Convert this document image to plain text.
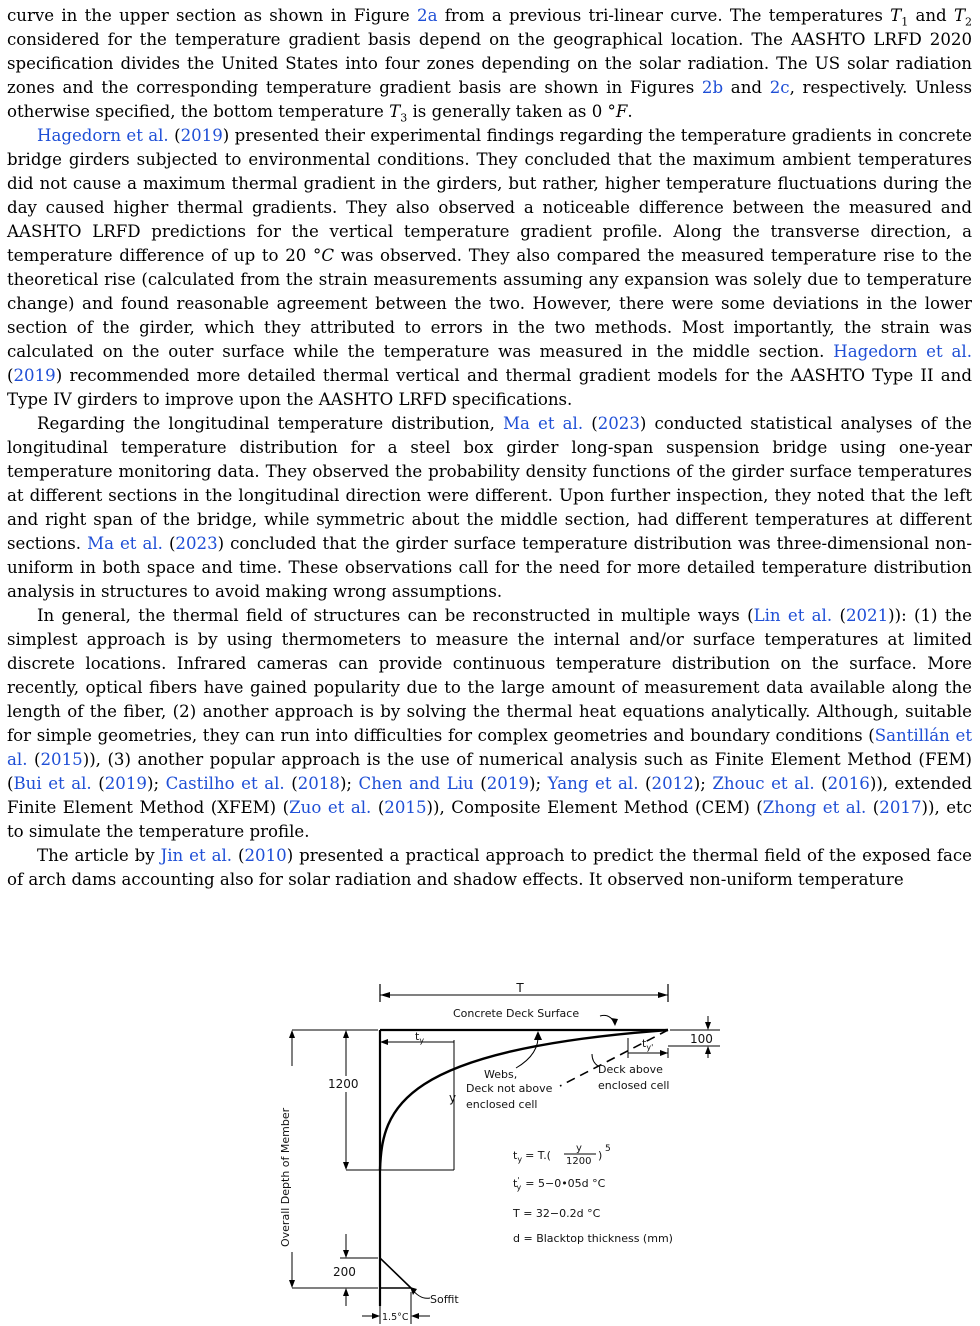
curve in the upper section as shown in Figure 2a from a previous tri-linear curve. The temperatures $T_1$ and $T_2$ considered for the temperature gradient basis depend on the geographical location. The AASHTO LRFD 2020 specification divides the United States into four zones depending on the solar radiation. The US solar radiation zones and the corresponding temperature gradient basis are shown in Figures 2b and 2c, respectively. Unless otherwise specified, the bottom temperature $T_3$ is generally taken as 0 °F.

Hagedorn et al. (2019) presented their experimental findings regarding the temperature gradients in concrete bridge girders subjected to environmental conditions. They concluded that the maximum ambient temperatures did not cause a maximum thermal gradient in the girders, but rather, higher temperature fluctuations during the day caused higher thermal gradients. They also observed a noticeable difference between the measured and AASHTO LRFD predictions for the vertical temperature gradient profile. Along the transverse direction, a temperature difference of up to 20 °C was observed. They also compared the measured temperature rise to the theoretical rise (calculated from the strain measurements assuming any expansion was solely due to temperature change) and found reasonable agreement between the two. However, there were some deviations in the lower section of the girder, which they attributed to errors in the two methods. Most importantly, the strain was calculated on the outer surface while the temperature was measured in the middle section. Hagedorn et al. (2019) recommended more detailed thermal vertical and thermal gradient models for the AASHTO Type II and Type IV girders to improve upon the AASHTO LRFD specifications.

Regarding the longitudinal temperature distribution, Ma et al. (2023) conducted statistical analyses of the longitudinal temperature distribution for a steel box girder long-span suspension bridge using one-year temperature monitoring data. They observed the probability density functions of the girder surface temperatures at different sections in the longitudinal direction were different. Upon further inspection, they noted that the left and right span of the bridge, while symmetric about the middle section, had different temperatures at different sections. Ma et al. (2023) concluded that the girder surface temperature distribution was three-dimensional non-uniform in both space and time. These observations call for the need for more detailed temperature distribution analysis in structures to avoid making wrong assumptions.

In general, the thermal field of structures can be reconstructed in multiple ways (Lin et al. (2021)): (1) the simplest approach is by using thermometers to measure the internal and/or surface temperatures at limited discrete locations. Infrared cameras can provide continuous temperature distribution on the surface. More recently, optical fibers have gained popularity due to the large amount of measurement data available along the length of the fiber, (2) another approach is by solving the thermal heat equations analytically. Although, suitable for simple geometries, they can run into difficulties for complex geometries and boundary conditions (Santillán et al. (2015)), (3) another popular approach is the use of numerical analysis such as Finite Element Method (FEM) (Bui et al. (2019); Castilho et al. (2018); Chen and Liu (2019); Yang et al. (2012); Zhouc et al. (2016)), extended Finite Element Method (XFEM) (Zuo et al. (2015)), Composite Element Method (CEM) (Zhong et al. (2017)), etc to simulate the temperature profile.

The article by Jin et al. (2010) presented a practical approach to predict the thermal field of the exposed face of arch dams accounting also for solar radiation and shadow effects. It observed non-uniform temperature

T
Concrete Deck Surface
100
$t_{y'}$
$t_y$
y
Webs,
Deck not above
enclosed cell
Deck above
enclosed cell
1200
Overall Depth of Member	$t_y = T$.(
y
1200 ) 5
t' y = 5−0•05d °C
T = 32−0.2d °C
d = Blacktop thickness (mm)
200
Soffit
1.5°C
